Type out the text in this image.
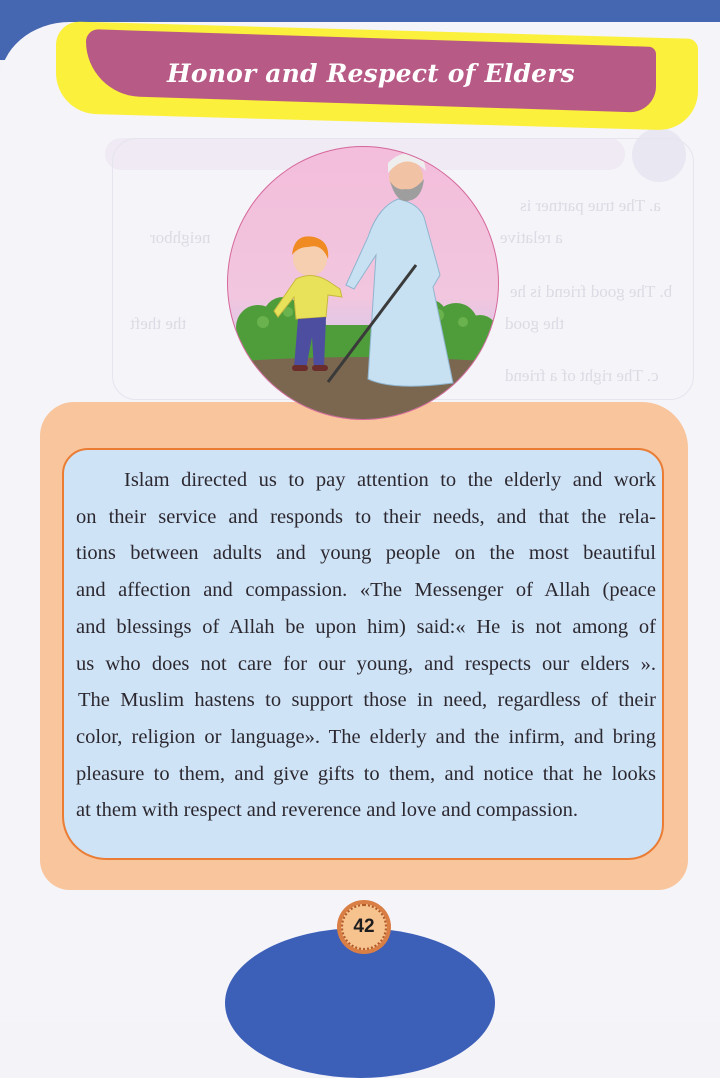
a. The true partner is
neighbor	a relative
b. The good friend is he
the theft	the good
c. The right of a friend
Honor and Respect of Elders
Islam directed us to pay attention to the elderly and work
on their service and responds to their needs, and that the rela-
tions between adults and young people on the most beautiful
and affection and compassion. «The Messenger of Allah (peace
and blessings of Allah be upon him) said:« He is not among of
us who does not care for our young, and respects our elders ».
The Muslim hastens to support those in need, regardless of their
color, religion or language». The elderly and the infirm, and bring
pleasure to them, and give gifts to them, and notice that he looks
at them with respect and reverence and love and compassion.
42
